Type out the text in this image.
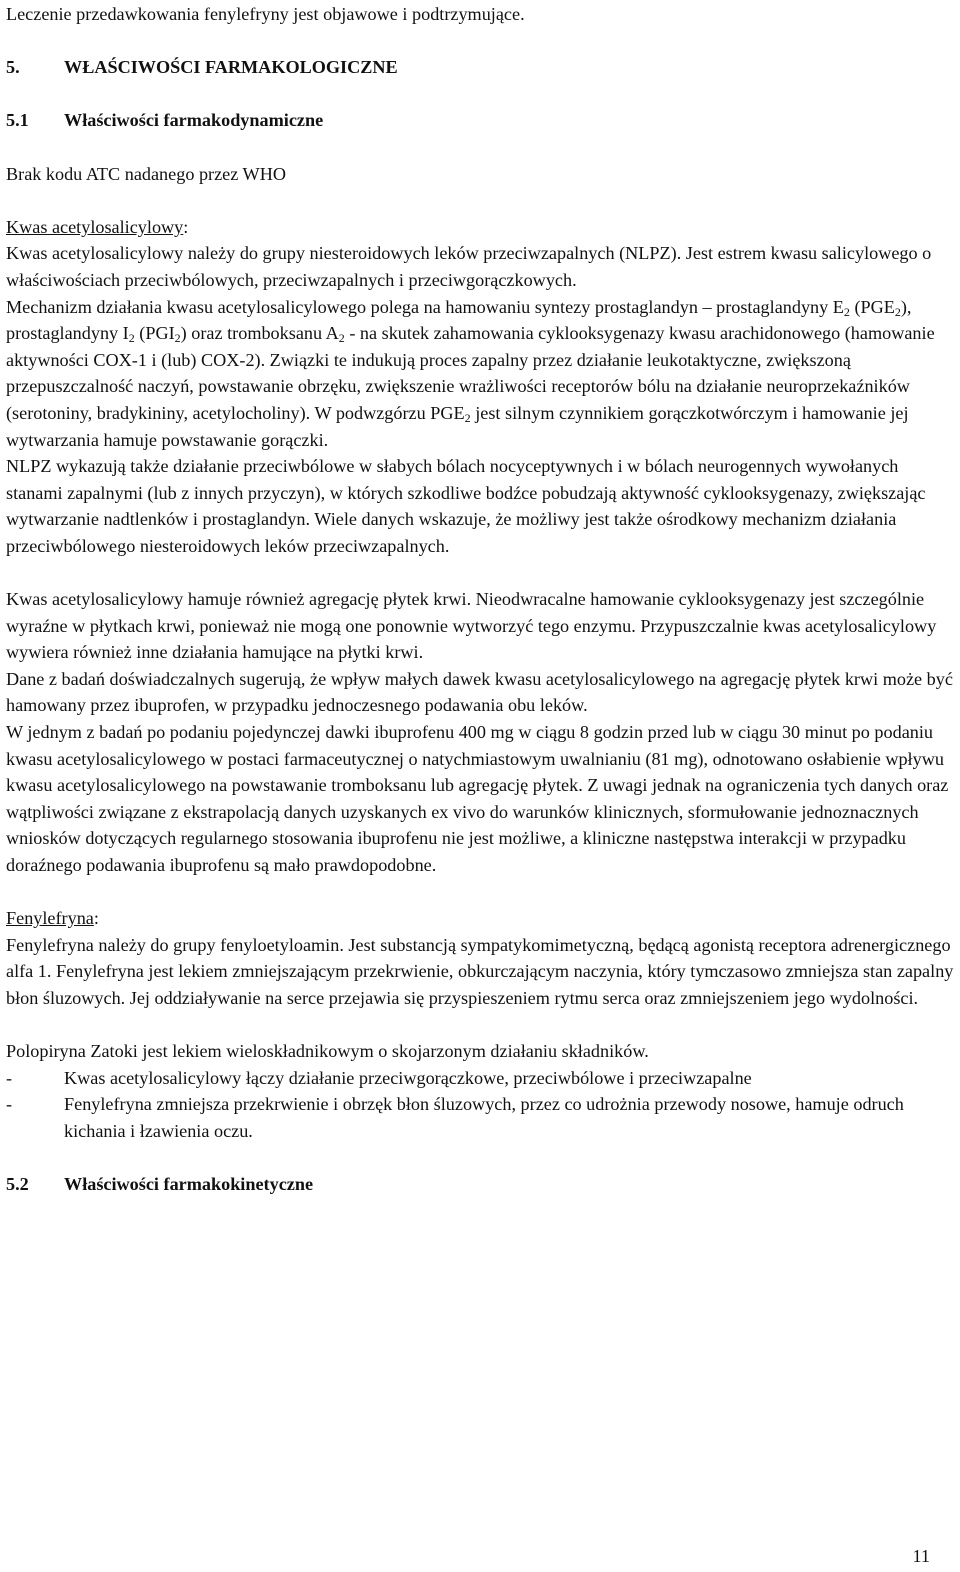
Leczenie przedawkowania fenylefryny jest objawowe i podtrzymujące.

5.	WŁAŚCIWOŚCI FARMAKOLOGICZNE
5.1	Właściwości farmakodynamiczne

Brak kodu ATC nadanego przez WHO

Kwas acetylosalicylowy:

Kwas acetylosalicylowy należy do grupy niesteroidowych leków przeciwzapalnych (NLPZ). Jest estrem kwasu salicylowego o właściwościach przeciwbólowych, przeciwzapalnych i przeciwgorączkowych.

Mechanizm działania kwasu acetylosalicylowego polega na hamowaniu syntezy prostaglandyn – prostaglandyny $E_2$ $(PGE_2)$, prostaglandyny $I_2$ $(PGI_2)$ oraz tromboksanu $A_2$ - na skutek zahamowania cyklooksygenazy kwasu arachidonowego (hamowanie aktywności COX-1 i (lub) COX-2). Związki te indukują proces zapalny przez działanie leukotaktyczne, zwiększoną przepuszczalność naczyń, powstawanie obrzęku, zwiększenie wrażliwości receptorów bólu na działanie neuroprzekaźników (serotoniny, bradykininy, acetylocholiny). W podwzgórzu $PGE_2$ jest silnym czynnikiem gorączkotwórczym i hamowanie jej wytwarzania hamuje powstawanie gorączki.

NLPZ wykazują także działanie przeciwbólowe w słabych bólach nocyceptywnych i w bólach neurogennych wywołanych stanami zapalnymi (lub z innych przyczyn), w których szkodliwe bodźce pobudzają aktywność cyklooksygenazy, zwiększając wytwarzanie nadtlenków i prostaglandyn. Wiele danych wskazuje, że możliwy jest także ośrodkowy mechanizm działania przeciwbólowego niesteroidowych leków przeciwzapalnych.

Kwas acetylosalicylowy hamuje również agregację płytek krwi. Nieodwracalne hamowanie cyklooksygenazy jest szczególnie wyraźne w płytkach krwi, ponieważ nie mogą one ponownie wytworzyć tego enzymu. Przypuszczalnie kwas acetylosalicylowy wywiera również inne działania hamujące na płytki krwi.

Dane z badań doświadczalnych sugerują, że wpływ małych dawek kwasu acetylosalicylowego na agregację płytek krwi może być hamowany przez ibuprofen, w przypadku jednoczesnego podawania obu leków.

W jednym z badań po podaniu pojedynczej dawki ibuprofenu 400 mg w ciągu 8 godzin przed lub w ciągu 30 minut po podaniu kwasu acetylosalicylowego w postaci farmaceutycznej o natychmiastowym uwalnianiu (81 mg), odnotowano osłabienie wpływu kwasu acetylosalicylowego na powstawanie tromboksanu lub agregację płytek. Z uwagi jednak na ograniczenia tych danych oraz wątpliwości związane z ekstrapolacją danych uzyskanych ex vivo do warunków klinicznych, sformułowanie jednoznacznych wniosków dotyczących regularnego stosowania ibuprofenu nie jest możliwe, a kliniczne następstwa interakcji w przypadku doraźnego podawania ibuprofenu są mało prawdopodobne.

Fenylefryna:

Fenylefryna należy do grupy fenyloetyloamin. Jest substancją sympatykomimetyczną, będącą agonistą receptora adrenergicznego alfa 1. Fenylefryna jest lekiem zmniejszającym przekrwienie, obkurczającym naczynia, który tymczasowo zmniejsza stan zapalny błon śluzowych. Jej oddziaływanie na serce przejawia się przyspieszeniem rytmu serca oraz zmniejszeniem jego wydolności.

Polopiryna Zatoki jest lekiem wieloskładnikowym o skojarzonym działaniu składników.

-	Kwas acetylosalicylowy łączy działanie przeciwgorączkowe, przeciwbólowe i przeciwzapalne
-	Fenylefryna zmniejsza przekrwienie i obrzęk błon śluzowych, przez co udrożnia przewody nosowe, hamuje odruch kichania i łzawienia oczu.
5.2	Właściwości farmakokinetyczne
11
